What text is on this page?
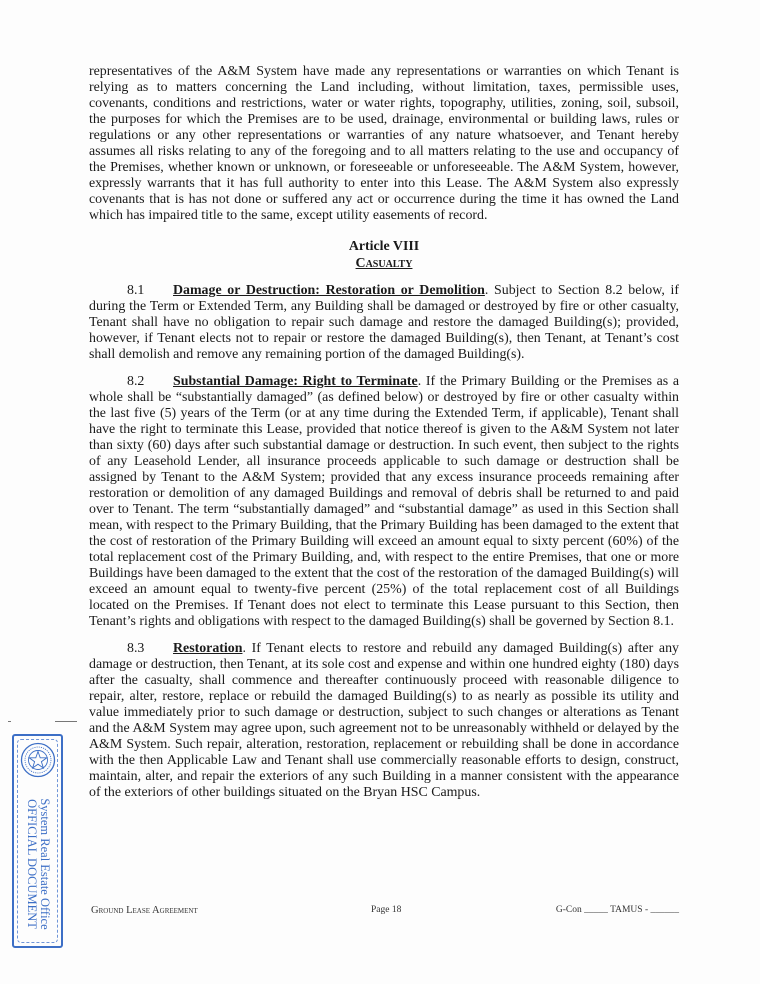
representatives of the A&M System have made any representations or warranties on which Tenant is relying as to matters concerning the Land including, without limitation, taxes, permissible uses, covenants, conditions and restrictions, water or water rights, topography, utilities, zoning, soil, subsoil, the purposes for which the Premises are to be used, drainage, environmental or building laws, rules or regulations or any other representations or warranties of any nature whatsoever, and Tenant hereby assumes all risks relating to any of the foregoing and to all matters relating to the use and occupancy of the Premises, whether known or unknown, or foreseeable or unforeseeable. The A&M System, however, expressly warrants that it has full authority to enter into this Lease. The A&M System also expressly covenants that is has not done or suffered any act or occurrence during the time it has owned the Land which has impaired title to the same, except utility easements of record.

Article VIII
Casualty

8.1 Damage or Destruction: Restoration or Demolition. Subject to Section 8.2 below, if during the Term or Extended Term, any Building shall be damaged or destroyed by fire or other casualty, Tenant shall have no obligation to repair such damage and restore the damaged Building(s); provided, however, if Tenant elects not to repair or restore the damaged Building(s), then Tenant, at Tenant’s cost shall demolish and remove any remaining portion of the damaged Building(s).

8.2 Substantial Damage: Right to Terminate. If the Primary Building or the Premises as a whole shall be “substantially damaged” (as defined below) or destroyed by fire or other casualty within the last five (5) years of the Term (or at any time during the Extended Term, if applicable), Tenant shall have the right to terminate this Lease, provided that notice thereof is given to the A&M System not later than sixty (60) days after such substantial damage or destruction. In such event, then subject to the rights of any Leasehold Lender, all insurance proceeds applicable to such damage or destruction shall be assigned by Tenant to the A&M System; provided that any excess insurance proceeds remaining after restoration or demolition of any damaged Buildings and removal of debris shall be returned to and paid over to Tenant. The term “substantially damaged” and “substantial damage” as used in this Section shall mean, with respect to the Primary Building, that the Primary Building has been damaged to the extent that the cost of restoration of the Primary Building will exceed an amount equal to sixty percent (60%) of the total replacement cost of the Primary Building, and, with respect to the entire Premises, that one or more Buildings have been damaged to the extent that the cost of the restoration of the damaged Building(s) will exceed an amount equal to twenty-five percent (25%) of the total replacement cost of all Buildings located on the Premises. If Tenant does not elect to terminate this Lease pursuant to this Section, then Tenant’s rights and obligations with respect to the damaged Building(s) shall be governed by Section 8.1.

8.3 Restoration. If Tenant elects to restore and rebuild any damaged Building(s) after any damage or destruction, then Tenant, at its sole cost and expense and within one hundred eighty (180) days after the casualty, shall commence and thereafter continuously proceed with reasonable diligence to repair, alter, restore, replace or rebuild the damaged Building(s) to as nearly as possible its utility and value immediately prior to such damage or destruction, subject to such changes or alterations as Tenant and the A&M System may agree upon, such agreement not to be unreasonably withheld or delayed by the A&M System. Such repair, alteration, restoration, replacement or rebuilding shall be done in accordance with the then Applicable Law and Tenant shall use commercially reasonable efforts to design, construct, maintain, alter, and repair the exteriors of any such Building in a manner consistent with the appearance of the exteriors of other buildings situated on the Bryan HSC Campus.

Ground Lease Agreement	Page 18	G-Con _____ TAMUS - ______
System Real Estate Office
OFFICIAL DOCUMENT
